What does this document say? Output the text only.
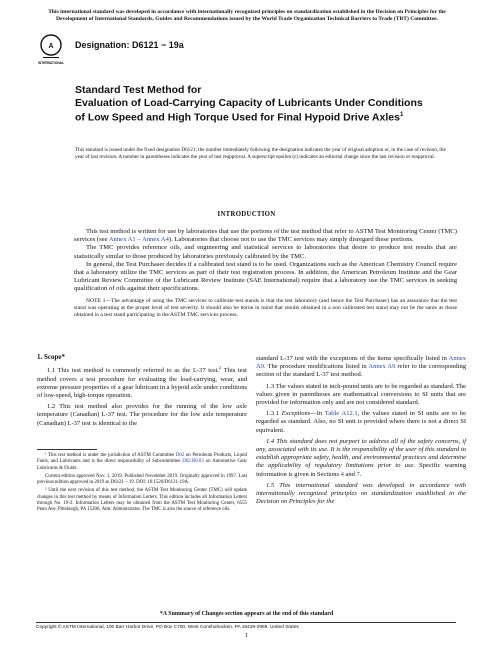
This international standard was developed in accordance with internationally recognized principles on standardization established in the Decision on Principles for the Development of International Standards, Guides and Recommendations issued by the World Trade Organization Technical Barriers to Trade (TBT) Committee.
A
INTERNATIONAL
Designation: D6121 − 19a
Standard Test Method for
Evaluation of Load-Carrying Capacity of Lubricants Under Conditions of Low Speed and High Torque Used for Final Hypoid Drive Axles$^1$
This standard is issued under the fixed designation D6121; the number immediately following the designation indicates the year of original adoption or, in the case of revision, the year of last revision. A number in parentheses indicates the year of last reapproval. A superscript epsilon (ε) indicates an editorial change since the last revision or reapproval.
INTRODUCTION

This test method is written for use by laboratories that use the portions of the test method that refer to ASTM Test Monitoring Center (TMC) services (see Annex A1 – Annex A4). Laboratories that choose not to use the TMC services may simply disregard these portions.

The TMC provides reference oils, and engineering and statistical services to laboratories that desire to produce test results that are statistically similar to those produced by laboratories previously calibrated by the TMC.

In general, the Test Purchaser decides if a calibrated test stand is to be used. Organizations such as the American Chemistry Council require that a laboratory utilize the TMC services as part of their test registration process. In addition, the American Petroleum Institute and the Gear Lubricant Review Committee of the Lubricant Review Institute (SAE International) require that a laboratory use the TMC services in seeking qualification of oils against their specifications.

NOTE 1—The advantage of using the TMC services to calibrate test stands is that the test laboratory (and hence the Test Purchaser) has an assurance that the test stand was operating at the proper level of test severity. It should also be borne in mind that results obtained in a non calibrated test stand may not be the same as those obtained in a test stand participating in the ASTM TMC services process.

1. Scope*

1.1 This test method is commonly referred to as the L-37 test.$^2$ This test method covers a test procedure for evaluating the load-carrying, wear, and extreme pressure properties of a gear lubricant in a hypoid axle under conditions of low-speed, high-torque operation.

1.2 This test method also provides for the running of the low axle temperature (Canadian) L-37 test. The procedure for the low axle temperature (Canadian) L-37 test is identical to the

¹ This test method is under the jurisdiction of ASTM Committee D02 on Petroleum Products, Liquid Fuels, and Lubricants and is the direct responsibility of Subcommittee D02.B0.03 on Automotive Gear Lubricants & Fluids.

Current edition approved Nov. 1, 2019. Published November 2019. Originally approved in 1997. Last previous edition approved in 2019 as D6121 – 19. DOI: 10.1520/D6121-19A.

² Until the next revision of this test method, the ASTM Test Monitoring Center (TMC) will update changes in this test method by means of Information Letters. This edition includes all Information Letters through No. 19-2. Information Letters may be obtained from the ASTM Test Monitoring Center, 6555 Penn Ave, Pittsburgh, PA 15206, Attn: Administrator. The TMC is also the source of reference oils.

standard L-37 test with the exceptions of the items specifically listed in Annex A9. The procedure modifications listed in Annex A9 refer to the corresponding section of the standard L-37 test method.

1.3 The values stated in inch-pound units are to be regarded as standard. The values given in parentheses are mathematical conversions to SI units that are provided for information only and are not considered standard.

1.3.1 Exceptions—In Table A12.1, the values stated in SI units are to be regarded as standard. Also, no SI unit is provided where there is not a direct SI equivalent.

1.4 This standard does not purport to address all of the safety concerns, if any, associated with its use. It is the responsibility of the user of this standard to establish appropriate safety, health, and environmental practices and determine the applicability of regulatory limitations prior to use. Specific warning information is given in Sections 4 and 7.

1.5 This international standard was developed in accordance with internationally recognized principles on standardization established in the Decision on Principles for the

*A Summary of Changes section appears at the end of this standard
Copyright © ASTM International, 100 Barr Harbor Drive, PO Box C700, West Conshohocken, PA 19428-2959. United States
1
